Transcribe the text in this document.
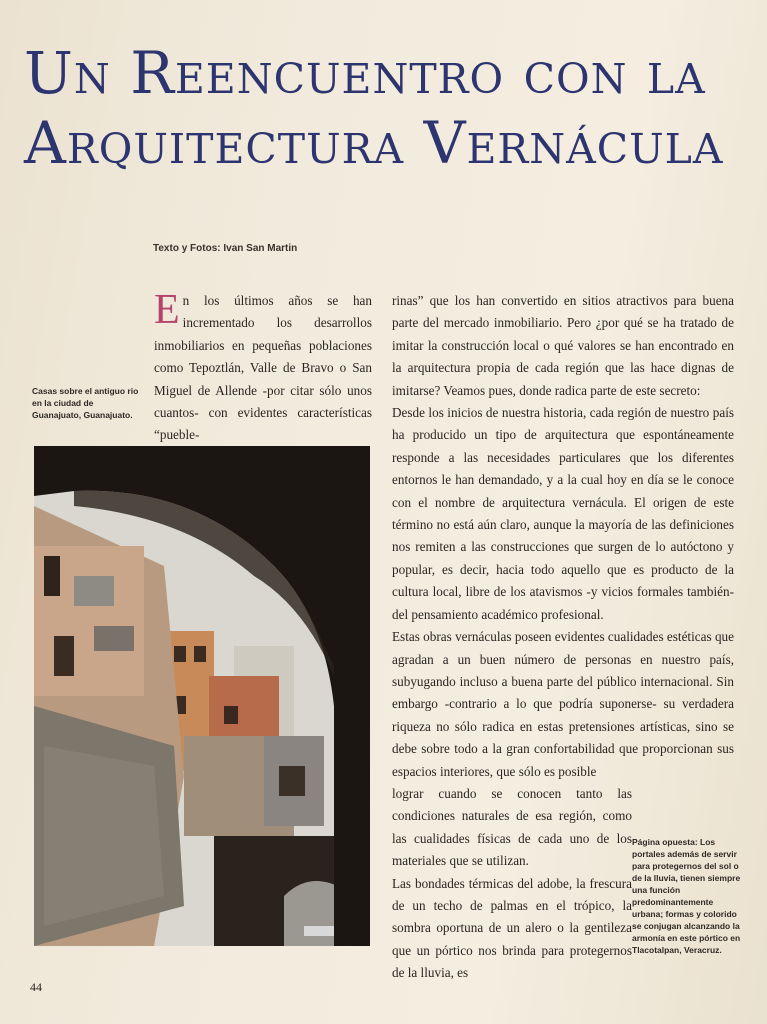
Un Reencuentro con la
Arquitectura Vernácula
Texto y Fotos: Ivan San Martin
Casas sobre el antiguo rio en la ciudad de Guanajuato, Guanajuato.

En los últimos años se han incrementado los desarrollos inmobiliarios en pequeñas poblaciones como Tepoztlán, Valle de Bravo o San Miguel de Allende -por citar sólo unos cuantos- con evidentes características “pueble-

rinas” que los han convertido en sitios atractivos para buena parte del mercado inmobiliario. Pero ¿por qué se ha tratado de imitar la construcción local o qué valores se han encontrado en la arquitectura propia de cada región que las hace dignas de imitarse? Veamos pues, donde radica parte de este secreto:

Desde los inicios de nuestra historia, cada región de nuestro país ha producido un tipo de arquitectura que espontáneamente responde a las necesidades particulares que los diferentes entornos le han demandado, y a la cual hoy en día se le conoce con el nombre de arquitectura vernácula. El origen de este término no está aún claro, aunque la mayoría de las definiciones nos remiten a las construcciones que surgen de lo autóctono y popular, es decir, hacia todo aquello que es producto de la cultura local, libre de los atavismos -y vicios formales también- del pensamiento académico profesional.

Estas obras vernáculas poseen evidentes cualidades estéticas que agradan a un buen número de personas en nuestro país, subyugando incluso a buena parte del público internacional. Sin embargo -contrario a lo que podría suponerse- su verdadera riqueza no sólo radica en estas pretensiones artísticas, sino se debe sobre todo a la gran confortabilidad que proporcionan sus espacios interiores, que sólo es posible

lograr cuando se conocen tanto las condiciones naturales de esa región, como las cualidades físicas de cada uno de los materiales que se utilizan.

Las bondades térmicas del adobe, la frescura de un techo de palmas en el trópico, la sombra oportuna de un alero o la gentileza que un pórtico nos brinda para protegernos de la lluvia, es

Página opuesta: Los portales además de servir para protegernos del sol o de la lluvia, tienen siempre una función predominantemente urbana; formas y colorido se conjugan alcanzando la armonía en este pórtico en Tlacotalpan, Veracruz.
44
